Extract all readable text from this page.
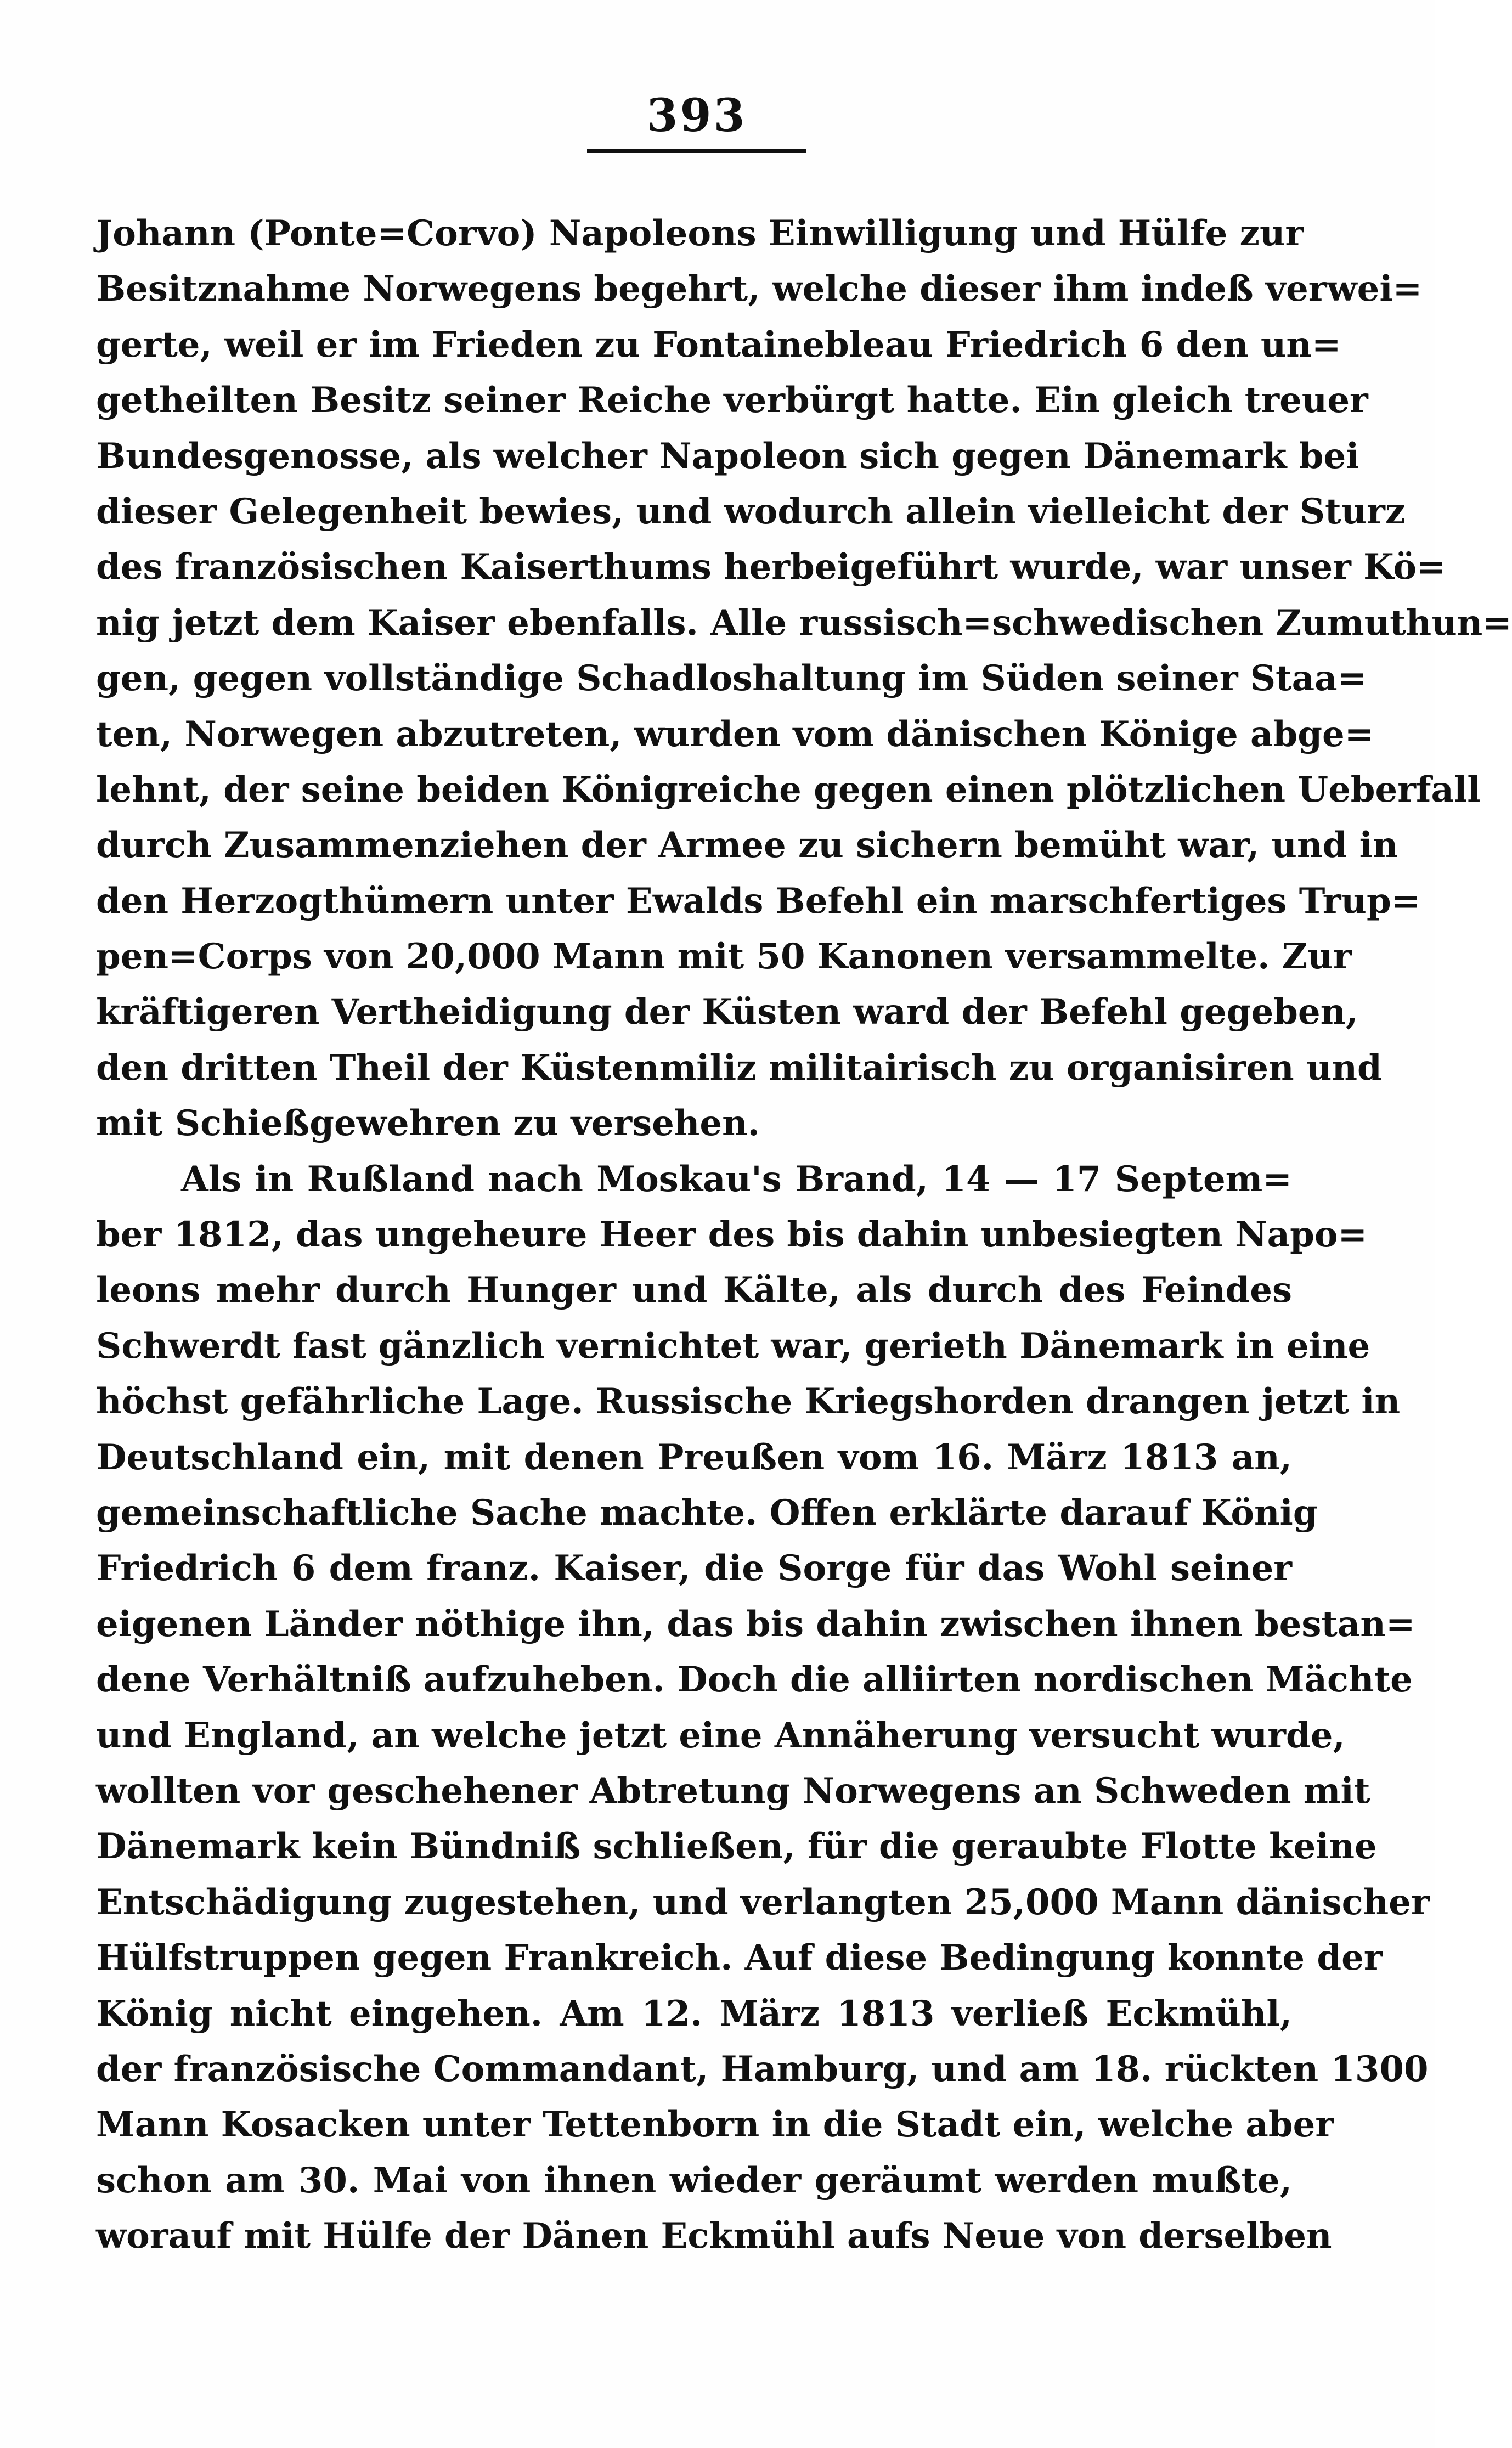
393
Johann (Ponte=Corvo) Napoleons Einwilligung und Hülfe zur
Besitznahme Norwegens begehrt, welche dieser ihm indeß verwei=
gerte, weil er im Frieden zu Fontainebleau Friedrich 6 den un=
getheilten Besitz seiner Reiche verbürgt hatte. Ein gleich treuer
Bundesgenosse, als welcher Napoleon sich gegen Dänemark bei
dieser Gelegenheit bewies, und wodurch allein vielleicht der Sturz
des französischen Kaiserthums herbeigeführt wurde, war unser Kö=
nig jetzt dem Kaiser ebenfalls. Alle russisch=schwedischen Zumuthun=
gen, gegen vollständige Schadloshaltung im Süden seiner Staa=
ten, Norwegen abzutreten, wurden vom dänischen Könige abge=
lehnt, der seine beiden Königreiche gegen einen plötzlichen Ueberfall
durch Zusammenziehen der Armee zu sichern bemüht war, und in
den Herzogthümern unter Ewalds Befehl ein marschfertiges Trup=
pen=Corps von 20,000 Mann mit 50 Kanonen versammelte. Zur
kräftigeren Vertheidigung der Küsten ward der Befehl gegeben,
den dritten Theil der Küstenmiliz militairisch zu organisiren und
mit Schießgewehren zu versehen.
Als in Rußland nach Moskau's Brand, 14 — 17 Septem=
ber 1812, das ungeheure Heer des bis dahin unbesiegten Napo=
leons mehr durch Hunger und Kälte, als durch des Feindes
Schwerdt fast gänzlich vernichtet war, gerieth Dänemark in eine
höchst gefährliche Lage. Russische Kriegshorden drangen jetzt in
Deutschland ein, mit denen Preußen vom 16. März 1813 an,
gemeinschaftliche Sache machte. Offen erklärte darauf König
Friedrich 6 dem franz. Kaiser, die Sorge für das Wohl seiner
eigenen Länder nöthige ihn, das bis dahin zwischen ihnen bestan=
dene Verhältniß aufzuheben. Doch die alliirten nordischen Mächte
und England, an welche jetzt eine Annäherung versucht wurde,
wollten vor geschehener Abtretung Norwegens an Schweden mit
Dänemark kein Bündniß schließen, für die geraubte Flotte keine
Entschädigung zugestehen, und verlangten 25,000 Mann dänischer
Hülfstruppen gegen Frankreich. Auf diese Bedingung konnte der
König nicht eingehen. Am 12. März 1813 verließ Eckmühl,
der französische Commandant, Hamburg, und am 18. rückten 1300
Mann Kosacken unter Tettenborn in die Stadt ein, welche aber
schon am 30. Mai von ihnen wieder geräumt werden mußte,
worauf mit Hülfe der Dänen Eckmühl aufs Neue von derselben
